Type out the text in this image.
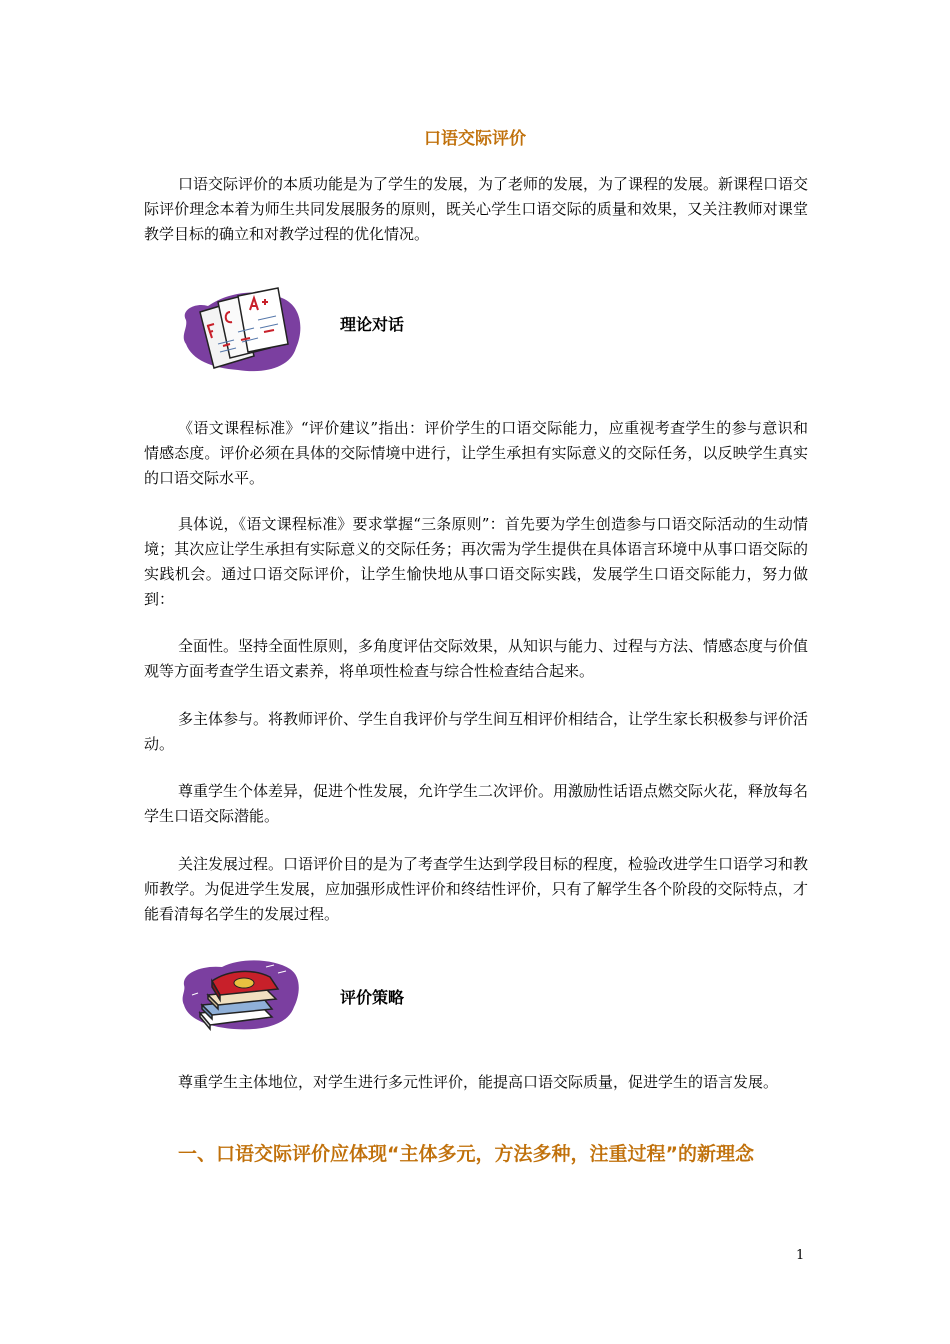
口语交际评价

口语交际评价的本质功能是为了学生的发展，为了老师的发展，为了课程的发展。新课程口语交际评价理念本着为师生共同发展服务的原则，既关心学生口语交际的质量和效果，又关注教师对课堂教学目标的确立和对教学过程的优化情况。

理论对话

《语文课程标准》“评价建议”指出：评价学生的口语交际能力，应重视考查学生的参与意识和情感态度。评价必须在具体的交际情境中进行，让学生承担有实际意义的交际任务，以反映学生真实的口语交际水平。

具体说，《语文课程标准》要求掌握“三条原则”：首先要为学生创造参与口语交际活动的生动情境；其次应让学生承担有实际意义的交际任务；再次需为学生提供在具体语言环境中从事口语交际的实践机会。通过口语交际评价，让学生愉快地从事口语交际实践，发展学生口语交际能力，努力做到：

全面性。坚持全面性原则，多角度评估交际效果，从知识与能力、过程与方法、情感态度与价值观等方面考查学生语文素养，将单项性检查与综合性检查结合起来。

多主体参与。将教师评价、学生自我评价与学生间互相评价相结合，让学生家长积极参与评价活动。

尊重学生个体差异，促进个性发展，允许学生二次评价。用激励性话语点燃交际火花，释放每名学生口语交际潜能。

关注发展过程。口语评价目的是为了考查学生达到学段目标的程度，检验改进学生口语学习和教师教学。为促进学生发展，应加强形成性评价和终结性评价，只有了解学生各个阶段的交际特点，才能看清每名学生的发展过程。

评价策略

尊重学生主体地位，对学生进行多元性评价，能提高口语交际质量，促进学生的语言发展。

一、口语交际评价应体现“主体多元，方法多种，注重过程”的新理念

1
